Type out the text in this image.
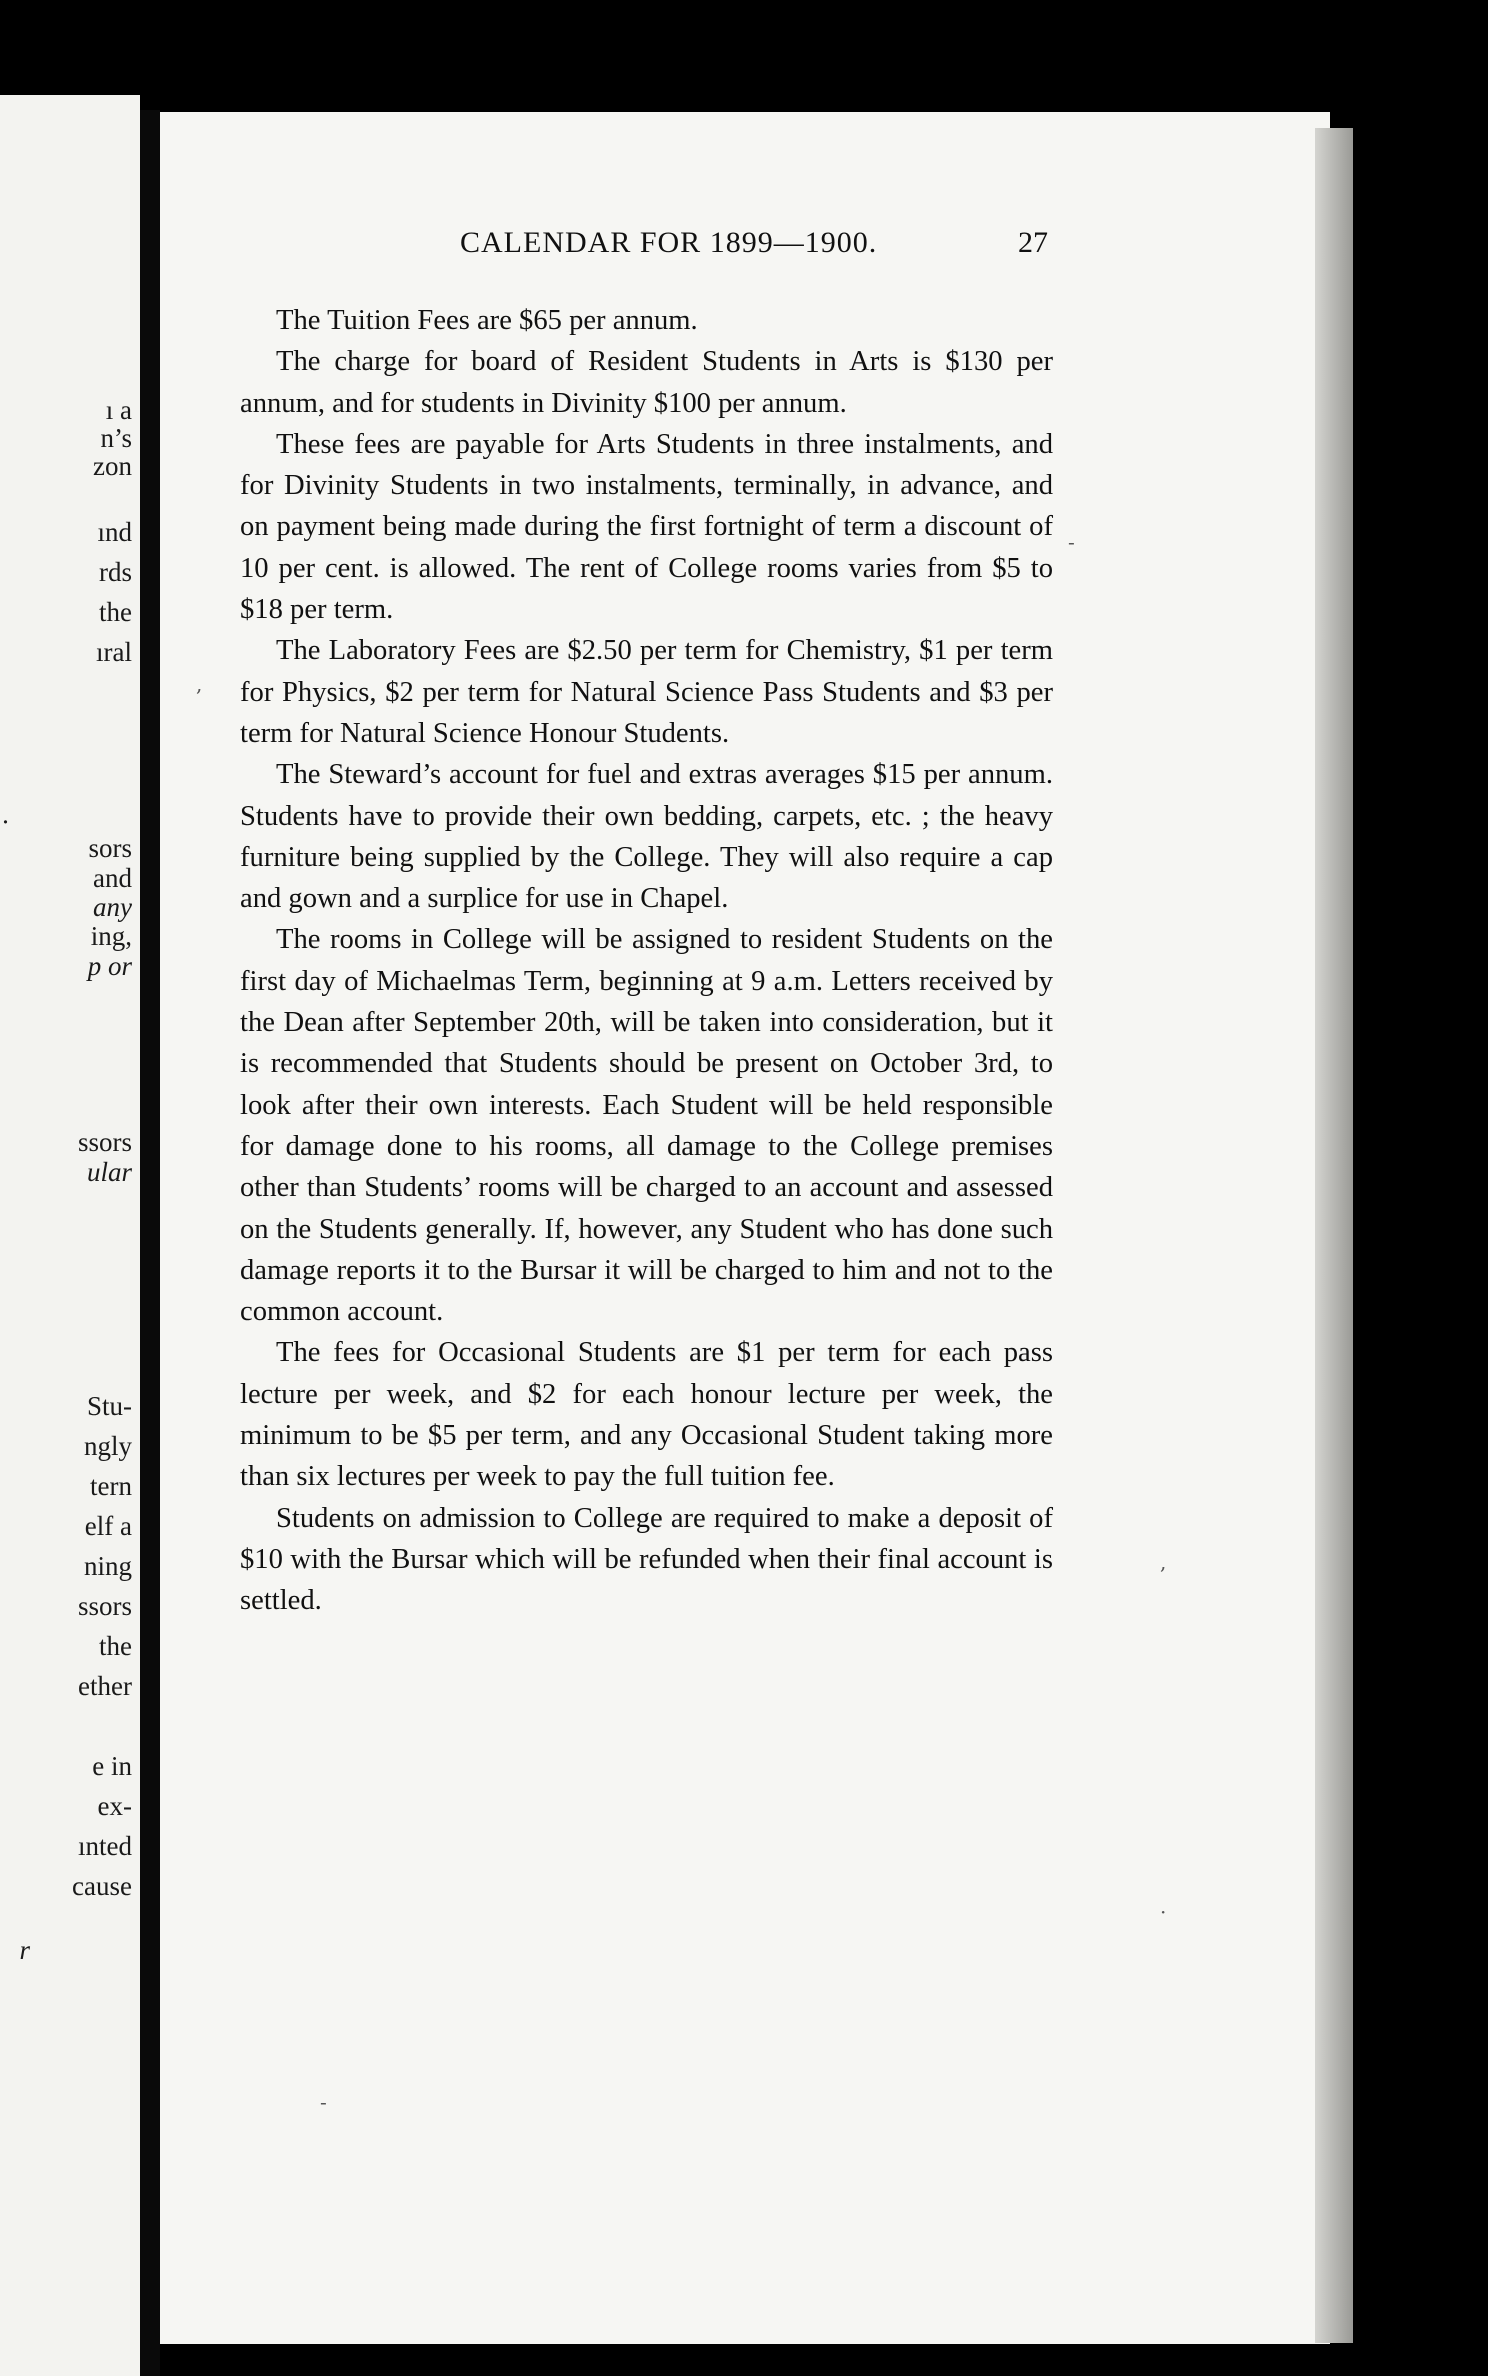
ı a
n’s
zon
ınd
rds
the
ıral
·
sors
and
any
ing,
p or
ssors
ular
Stu-
ngly
tern
elf a
ning
ssors
the
ether
e in
ex-
ınted
cause
r
CALENDAR FOR 1899—1900.	27

The Tuition Fees are $65 per annum.

The charge for board of Resident Students in Arts is $130 per annum, and for students in Divinity $100 per annum.

These fees are payable for Arts Students in three instalments, and for Divinity Students in two instalments, terminally, in advance, and on payment being made during the first fortnight of term a discount of 10 per cent. is allowed. The rent of College rooms varies from $5 to $18 per term.

The Laboratory Fees are $2.50 per term for Chemistry, $1 per term for Physics, $2 per term for Natural Science Pass Students and $3 per term for Natural Science Honour Students.

The Steward’s account for fuel and extras averages $15 per annum. Students have to provide their own bedding, carpets, etc. ; the heavy furniture being supplied by the College. They will also require a cap and gown and a surplice for use in Chapel.

The rooms in College will be assigned to resident Students on the first day of Michaelmas Term, beginning at 9 a.m. Letters received by the Dean after September 20th, will be taken into consideration, but it is recommended that Students should be present on October 3rd, to look after their own interests. Each Student will be held responsible for damage done to his rooms, all damage to the College premises other than Students’ rooms will be charged to an account and assessed on the Students generally. If, however, any Student who has done such damage reports it to the Bursar it will be charged to him and not to the common account.

The fees for Occasional Students are $1 per term for each pass lecture per week, and $2 for each honour lecture per week, the minimum to be $5 per term, and any Occasional Student taking more than six lectures per week to pay the full tuition fee.

Students on admission to College are required to make a deposit of $10 with the Bursar which will be refunded when their final account is settled.

-
,
,
·
-
